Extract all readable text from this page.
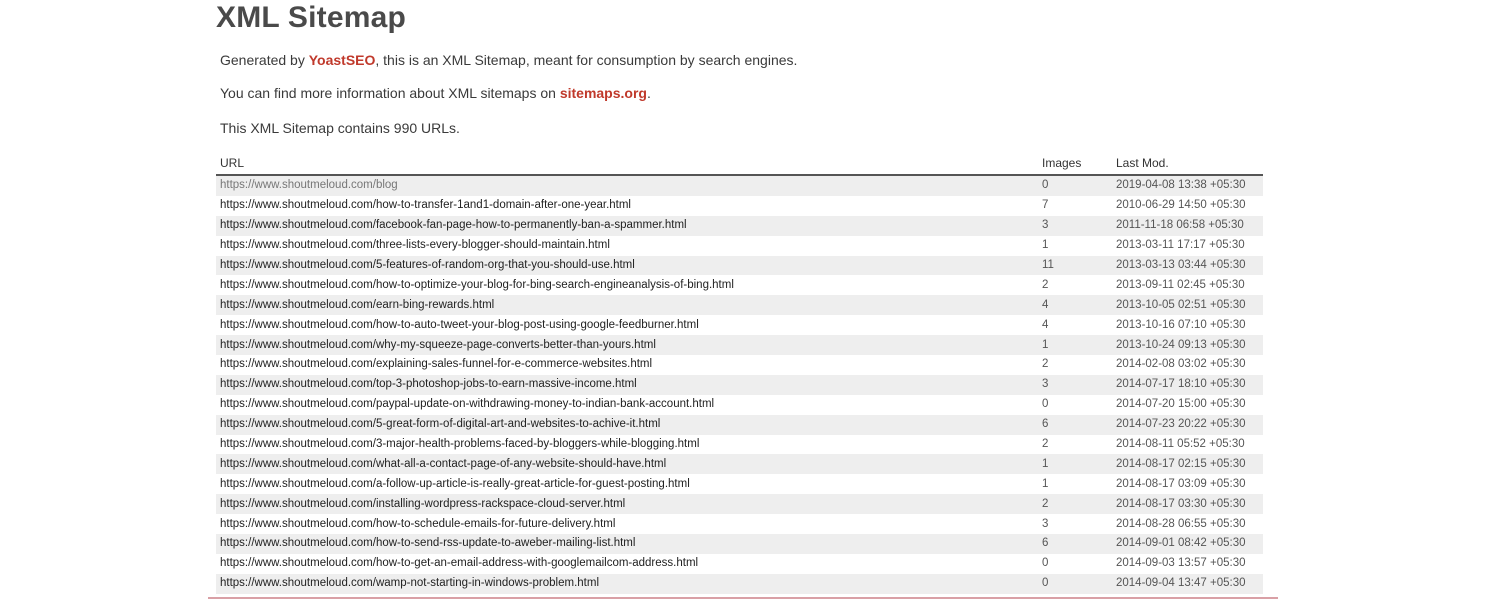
XML Sitemap
Generated by YoastSEO, this is an XML Sitemap, meant for consumption by search engines.
You can find more information about XML sitemaps on sitemaps.org.
This XML Sitemap contains 990 URLs.
URL	Images	Last Mod.
https://www.shoutmeloud.com/blog	0	2019-04-08 13:38 +05:30
https://www.shoutmeloud.com/how-to-transfer-1and1-domain-after-one-year.html	7	2010-06-29 14:50 +05:30
https://www.shoutmeloud.com/facebook-fan-page-how-to-permanently-ban-a-spammer.html	3	2011-11-18 06:58 +05:30
https://www.shoutmeloud.com/three-lists-every-blogger-should-maintain.html	1	2013-03-11 17:17 +05:30
https://www.shoutmeloud.com/5-features-of-random-org-that-you-should-use.html	11	2013-03-13 03:44 +05:30
https://www.shoutmeloud.com/how-to-optimize-your-blog-for-bing-search-engineanalysis-of-bing.html	2	2013-09-11 02:45 +05:30
https://www.shoutmeloud.com/earn-bing-rewards.html	4	2013-10-05 02:51 +05:30
https://www.shoutmeloud.com/how-to-auto-tweet-your-blog-post-using-google-feedburner.html	4	2013-10-16 07:10 +05:30
https://www.shoutmeloud.com/why-my-squeeze-page-converts-better-than-yours.html	1	2013-10-24 09:13 +05:30
https://www.shoutmeloud.com/explaining-sales-funnel-for-e-commerce-websites.html	2	2014-02-08 03:02 +05:30
https://www.shoutmeloud.com/top-3-photoshop-jobs-to-earn-massive-income.html	3	2014-07-17 18:10 +05:30
https://www.shoutmeloud.com/paypal-update-on-withdrawing-money-to-indian-bank-account.html	0	2014-07-20 15:00 +05:30
https://www.shoutmeloud.com/5-great-form-of-digital-art-and-websites-to-achive-it.html	6	2014-07-23 20:22 +05:30
https://www.shoutmeloud.com/3-major-health-problems-faced-by-bloggers-while-blogging.html	2	2014-08-11 05:52 +05:30
https://www.shoutmeloud.com/what-all-a-contact-page-of-any-website-should-have.html	1	2014-08-17 02:15 +05:30
https://www.shoutmeloud.com/a-follow-up-article-is-really-great-article-for-guest-posting.html	1	2014-08-17 03:09 +05:30
https://www.shoutmeloud.com/installing-wordpress-rackspace-cloud-server.html	2	2014-08-17 03:30 +05:30
https://www.shoutmeloud.com/how-to-schedule-emails-for-future-delivery.html	3	2014-08-28 06:55 +05:30
https://www.shoutmeloud.com/how-to-send-rss-update-to-aweber-mailing-list.html	6	2014-09-01 08:42 +05:30
https://www.shoutmeloud.com/how-to-get-an-email-address-with-googlemailcom-address.html	0	2014-09-03 13:57 +05:30
https://www.shoutmeloud.com/wamp-not-starting-in-windows-problem.html	0	2014-09-04 13:47 +05:30
